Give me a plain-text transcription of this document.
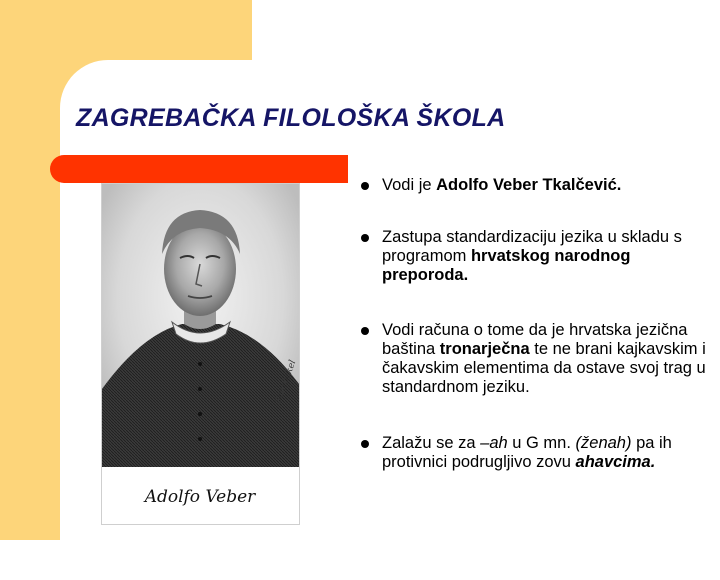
ZAGREBAČKA FILOLOŠKA ŠKOLA
Schröckel
Adolfo Veber
Vodi je Adolfo Veber Tkalčević.
Zastupa standardizaciju jezika u skladu s programom hrvatskog narodnog preporoda.
Vodi računa o tome da je hrvatska jezična baština tronarječna te ne brani kajkavskim i čakavskim elementima da ostave svoj trag u standardnom jeziku.
Zalažu se za –ah u G mn. (ženah) pa ih protivnici podrugljivo zovu ahavcima.
